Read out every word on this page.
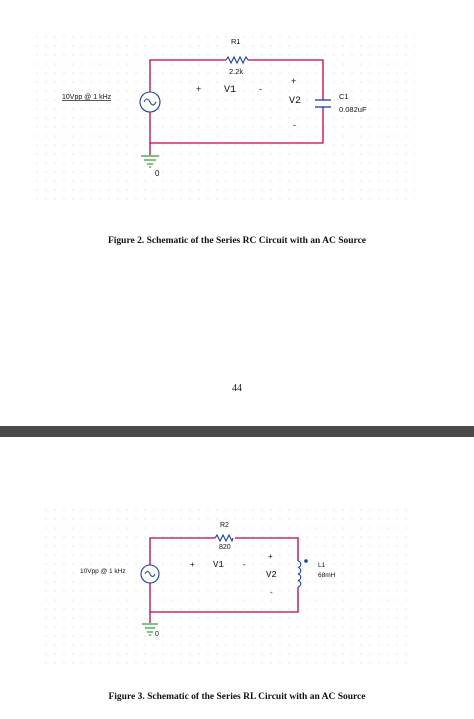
R1
2.2k
10Vpp @ 1 kHz
0
+ V1	-
+
V2
-
C1
0.082uF
Figure 2. Schematic of the Series RC Circuit with an AC Source
44
R2
820
10Vpp @ 1 kHz
0
+ V1 -
+
V2
-
L1
68mH
Figure 3. Schematic of the Series RL Circuit with an AC Source
